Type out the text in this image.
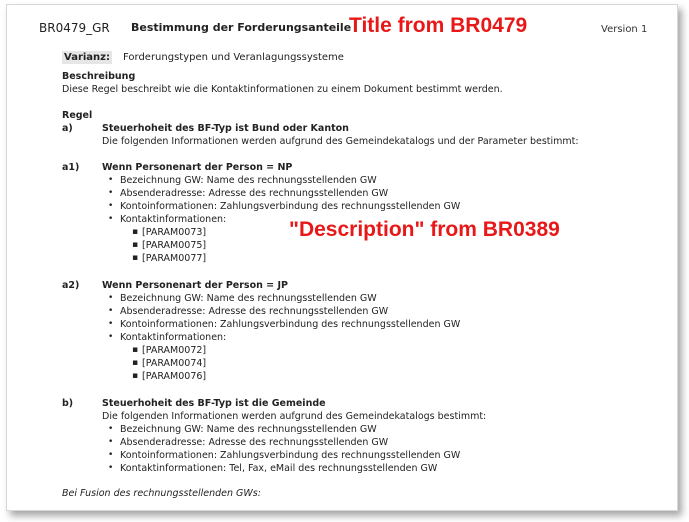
BR0479_GR Bestimmung der Forderungsanteile	Version 1
Title from BR0479
"Description" from BR0389
Varianz: Forderungstypen und Veranlagungssysteme
Beschreibung
Diese Regel beschreibt wie die Kontaktinformationen zu einem Dokument bestimmt werden.
Regel
a)	Steuerhoheit des BF-Typ ist Bund oder Kanton
Die folgenden Informationen werden aufgrund des Gemeindekatalogs und der Parameter bestimmt:
a1) Wenn Personenart der Person = NP
• Bezeichnung GW: Name des rechnungsstellenden GW
• Absenderadresse: Adresse des rechnungsstellenden GW
• Kontoinformationen: Zahlungsverbindung des rechnungsstellenden GW
• Kontaktinformationen:
▪ [PARAM0073]
▪ [PARAM0075]
▪ [PARAM0077]
a2) Wenn Personenart der Person = JP
• Bezeichnung GW: Name des rechnungsstellenden GW
• Absenderadresse: Adresse des rechnungsstellenden GW
• Kontoinformationen: Zahlungsverbindung des rechnungsstellenden GW
• Kontaktinformationen:
▪ [PARAM0072]
▪ [PARAM0074]
▪ [PARAM0076]
b)	Steuerhoheit des BF-Typ ist die Gemeinde
Die folgenden Informationen werden aufgrund des Gemeindekatalogs bestimmt:
• Bezeichnung GW: Name des rechnungsstellenden GW
• Absenderadresse: Adresse des rechnungsstellenden GW
• Kontoinformationen: Zahlungsverbindung des rechnungsstellenden GW
• Kontaktinformationen: Tel, Fax, eMail des rechnungsstellenden GW
Bei Fusion des rechnungsstellenden GWs:
